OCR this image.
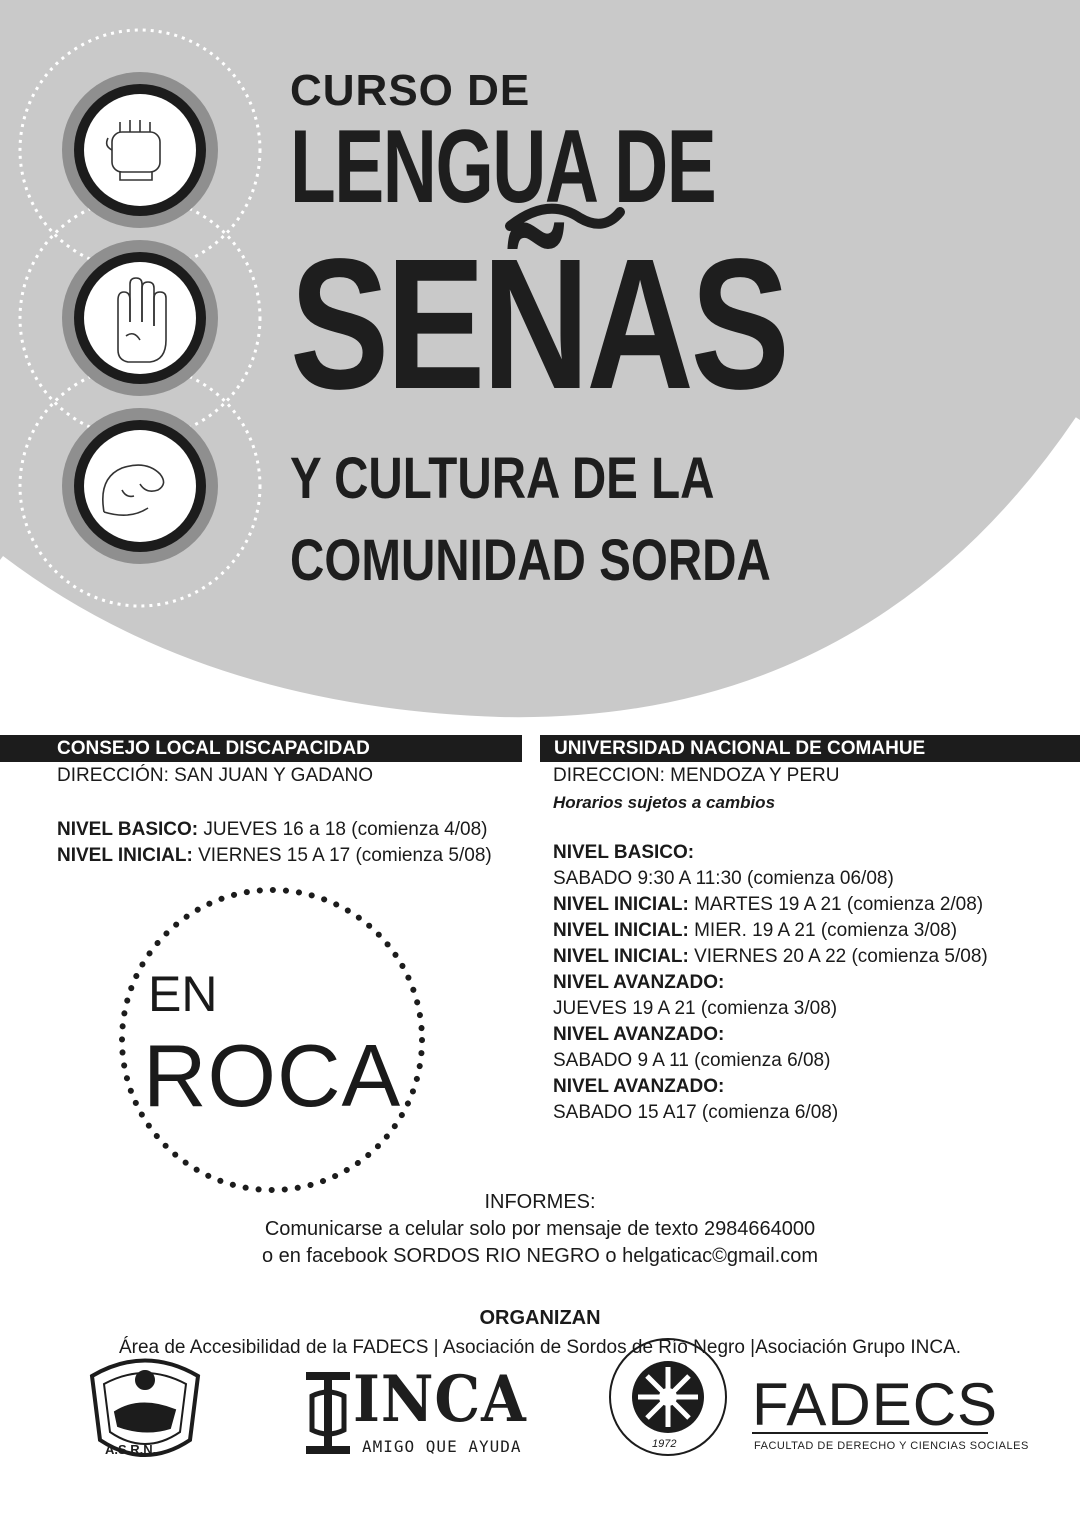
CURSO DE
LENGUA DE
SEÑAS
Y CULTURA DE LA
COMUNIDAD SORDA
CONSEJO LOCAL DISCAPACIDAD
DIRECCIÓN: SAN JUAN Y GADANO
NIVEL BASICO: JUEVES 16 a 18 (comienza 4/08)
NIVEL INICIAL: VIERNES 15 A 17 (comienza 5/08)
EN
ROCA
UNIVERSIDAD NACIONAL DE COMAHUE
DIRECCION: MENDOZA Y PERU
Horarios sujetos a cambios
NIVEL BASICO:
SABADO 9:30 A 11:30 (comienza 06/08)
NIVEL INICIAL: MARTES 19 A 21 (comienza 2/08)
NIVEL INICIAL: MIER. 19 A 21 (comienza 3/08)
NIVEL INICIAL: VIERNES 20 A 22 (comienza 5/08)
NIVEL AVANZADO:
JUEVES 19 A 21 (comienza 3/08)
NIVEL AVANZADO:
SABADO 9 A 11 (comienza 6/08)
NIVEL AVANZADO:
SABADO 15 A17 (comienza 6/08)
INFORMES:
Comunicarse a celular solo por mensaje de texto 2984664000
o en facebook SORDOS RIO NEGRO o helgaticac©gmail.com
ORGANIZAN
Área de Accesibilidad de la FADECS | Asociación de Sordos de Río Negro |Asociación Grupo INCA.
A.S.R.N.
INCA
AMIGO QUE AYUDA	1972
FADECS
FACULTAD DE DERECHO Y CIENCIAS SOCIALES
